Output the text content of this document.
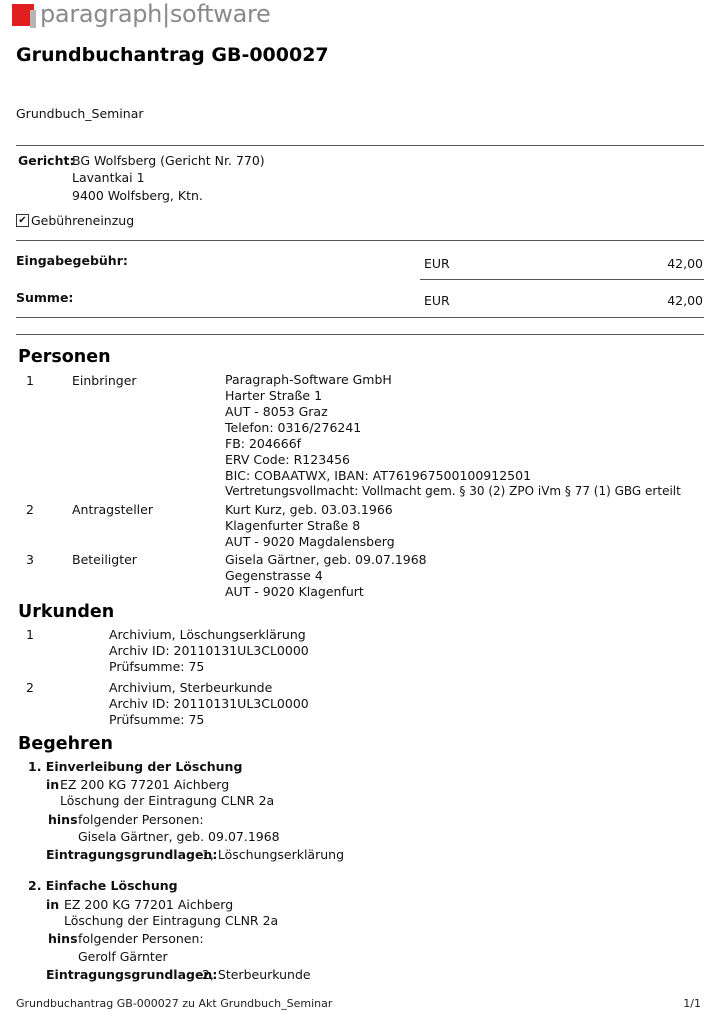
paragraph|software
Grundbuchantrag GB-000027
Grundbuch_Seminar
Gericht:
BG Wolfsberg (Gericht Nr. 770)
Lavantkai 1
9400 Wolfsberg, Ktn.
✔ Gebühreneinzug
Eingabegebühr:	EUR	42,00
Summe:	EUR	42,00
Personen
1	Einbringer	Paragraph-Software GmbH
Harter Straße 1
AUT - 8053 Graz
Telefon: 0316/276241
FB: 204666f
ERV Code: R123456
BIC: COBAATWX, IBAN: AT761967500100912501
Vertretungsvollmacht: Vollmacht gem. § 30 (2) ZPO iVm § 77 (1) GBG erteilt
2	Antragsteller	Kurt Kurz, geb. 03.03.1966
Klagenfurter Straße 8
AUT - 9020 Magdalensberg
3	Beteiligter	Gisela Gärtner, geb. 09.07.1968
Gegenstrasse 4
AUT - 9020 Klagenfurt
Urkunden
1	Archivium, Löschungserklärung
Archiv ID: 20110131UL3CL0000
Prüfsumme: 75
2	Archivium, Sterbeurkunde
Archiv ID: 20110131UL3CL0000
Prüfsumme: 75
Begehren
1. Einverleibung der Löschung
in EZ 200 KG 77201 Aichberg
Löschung der Eintragung CLNR 2a
hins folgender Personen:
Gisela Gärtner, geb. 09.07.1968
Eintragungsgrundlagen:
1, Löschungserklärung
2. Einfache Löschung
in EZ 200 KG 77201 Aichberg
Löschung der Eintragung CLNR 2a
hins folgender Personen:
Gerolf Gärnter
Eintragungsgrundlagen:
2, Sterbeurkunde
Grundbuchantrag GB-000027 zu Akt Grundbuch_Seminar	1/1
